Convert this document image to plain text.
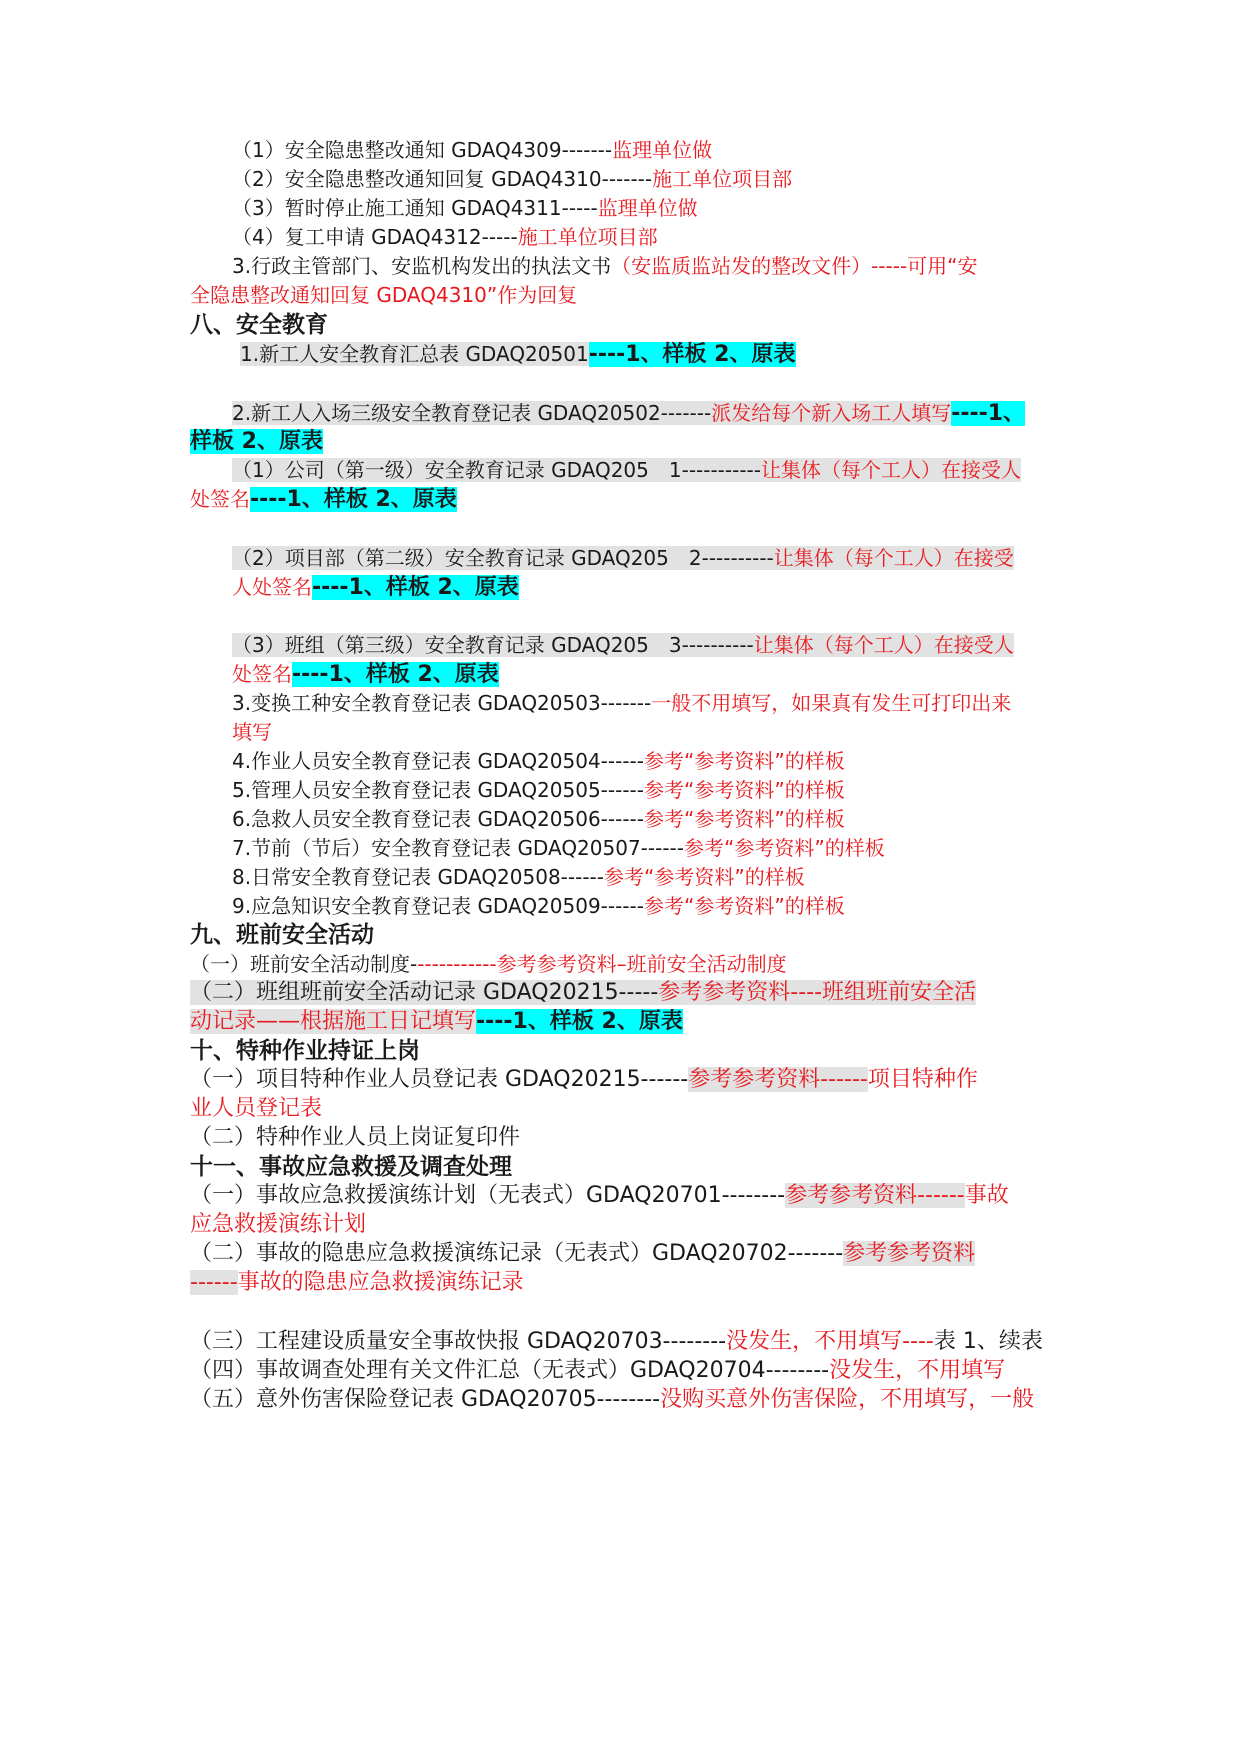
（1）安全隐患整改通知 GDAQ4309-------监理单位做
（2）安全隐患整改通知回复 GDAQ4310-------施工单位项目部
（3）暂时停止施工通知 GDAQ4311-----监理单位做
（4）复工申请 GDAQ4312-----施工单位项目部
3.行政主管部门、安监机构发出的执法文书（安监质监站发的整改文件）-----可用“安
全隐患整改通知回复 GDAQ4310”作为回复
八、安全教育
1.新工人安全教育汇总表 GDAQ20501----1、样板 2、原表
2.新工人入场三级安全教育登记表 GDAQ20502-------派发给每个新入场工人填写----1、
样板 2、原表
（1）公司（第一级）安全教育记录 GDAQ205　1-----------让集体（每个工人）在接受人
处签名----1、样板 2、原表
（2）项目部（第二级）安全教育记录 GDAQ205　2----------让集体（每个工人）在接受
人处签名----1、样板 2、原表
（3）班组（第三级）安全教育记录 GDAQ205　3----------让集体（每个工人）在接受人
处签名----1、样板 2、原表
3.变换工种安全教育登记表 GDAQ20503-------一般不用填写，如果真有发生可打印出来
填写
4.作业人员安全教育登记表 GDAQ20504------参考“参考资料”的样板
5.管理人员安全教育登记表 GDAQ20505------参考“参考资料”的样板
6.急救人员安全教育登记表 GDAQ20506------参考“参考资料”的样板
7.节前（节后）安全教育登记表 GDAQ20507------参考“参考资料”的样板
8.日常安全教育登记表 GDAQ20508------参考“参考资料”的样板
9.应急知识安全教育登记表 GDAQ20509------参考“参考资料”的样板
九、班前安全活动
（一）班前安全活动制度------------参考参考资料–班前安全活动制度
（二）班组班前安全活动记录 GDAQ20215-----参考参考资料----班组班前安全活
动记录——根据施工日记填写----1、样板 2、原表
十、特种作业持证上岗
（一）项目特种作业人员登记表 GDAQ20215------参考参考资料------项目特种作
业人员登记表
（二）特种作业人员上岗证复印件
十一、事故应急救援及调查处理
（一）事故应急救援演练计划（无表式）GDAQ20701--------参考参考资料------事故
应急救援演练计划
（二）事故的隐患应急救援演练记录（无表式）GDAQ20702-------参考参考资料
------事故的隐患应急救援演练记录
（三）工程建设质量安全事故快报 GDAQ20703--------没发生，不用填写----表 1、续表
（四）事故调查处理有关文件汇总（无表式）GDAQ20704--------没发生，不用填写
（五）意外伤害保险登记表 GDAQ20705--------没购买意外伤害保险，不用填写，一般
